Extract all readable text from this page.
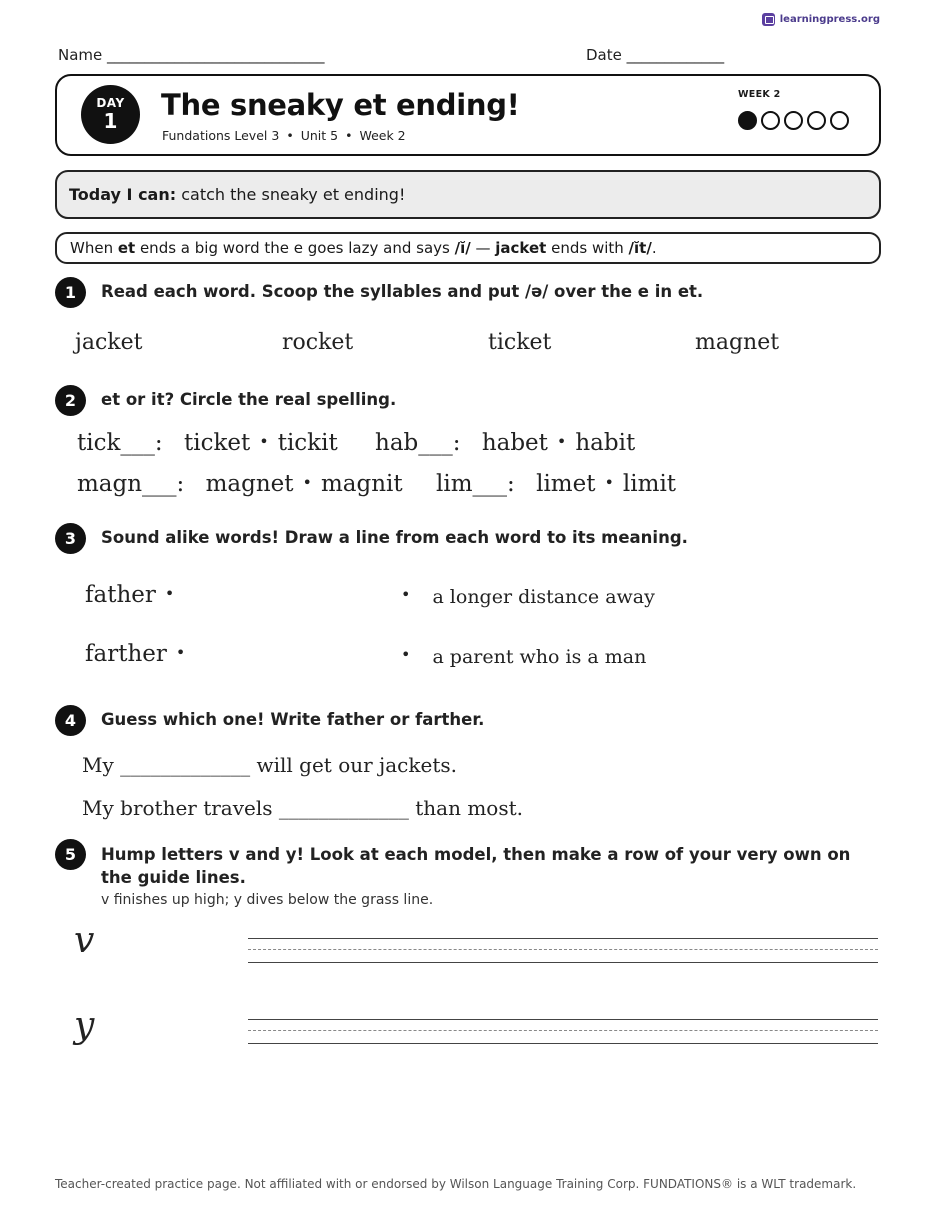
learningpress.org
Name _____________________________	Date _____________
DAY
1	The sneaky et ending!
Fundations Level 3 • Unit 5 • Week 2
WEEK 2
Today I can: catch the sneaky et ending!
When et ends a big word the e goes lazy and says /ĭ/ — jacket ends with /ĭt/.
1	Read each word. Scoop the syllables and put /ə/ over the e in et.
jacket	rocket	ticket	magnet
2	et or it? Circle the real spelling.
tick___: ticket • tickit hab___: habet • habit
magn___: magnet • magnit lim___: limet • limit
3	Sound alike words! Draw a line from each word to its meaning.
father •
farther •
• a longer distance away
• a parent who is a man
4	Guess which one! Write father or farther.
My _____________ will get our jackets.
My brother travels _____________ than most.
5	Hump letters v and y! Look at each model, then make a row of your very own on the guide lines.
v finishes up high; y dives below the grass line.
v
y
Teacher-created practice page. Not affiliated with or endorsed by Wilson Language Training Corp. FUNDATIONS® is a WLT trademark.
